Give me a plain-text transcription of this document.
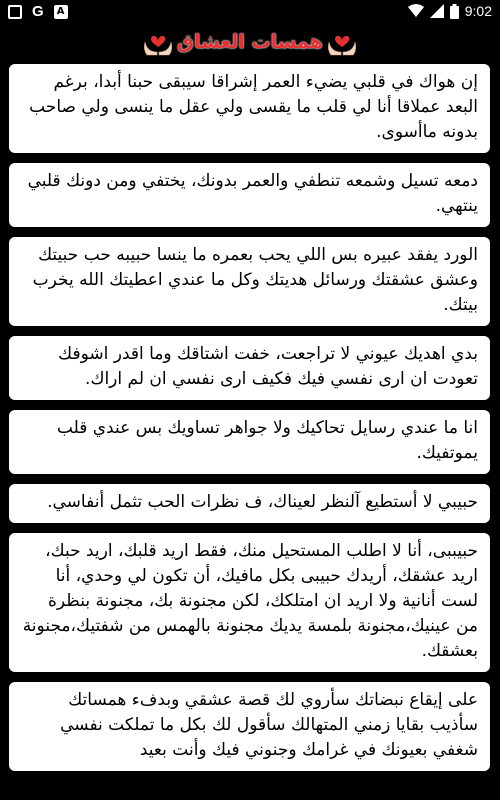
G	A	9:02
همسات العشاق

إن هواك في قلبي يضيء العمر إشراقا سيبقى حبنا أبدا، برغم البعد عملاقا أنا لي قلب ما يقسى ولي عقل ما ينسى ولي صاحب بدونه ماأسوى.

دمعه تسيل وشمعه تنطفي والعمر بدونك، يختفي ومن دونك قلبي ينتهي.

الورد يفقد عبيره بس اللي يحب بعمره ما ينسا حبيبه حب حبيتك وعشق عشقتك ورسائل هديتك وكل ما عندي اعطيتك الله يخرب بيتك.

بدي اهديك عيوني لا تراجعت، خفت اشتاقك وما اقدر اشوفك تعودت ان ارى نفسي فيك فكيف ارى نفسي ان لم اراك.

انا ما عندي رسايل تحاكيك ولا جواهر تساويك بس عندي قلب يموتفيك.

حبيبي لا أستطيع آلنظر لعيناك، ف نظرات الحب تثمل أنفاسي.

حبيببى، أنا لا اطلب المستحيل منك، فقط اريد قلبك، اريد حبك، اريد عشقك، أريدك حبيبى بكل مافيك، أن تكون لي وحدي، أنا لست أنانية ولا اريد ان امتلكك، لكن مجنونة بك، مجنونة بنظرة من عينيك،مجنونة بلمسة يديك مجنونة بالهمس من شفتيك،مجنونة بعشقك.

على إيقاع نبضاتك سأروي لك قصة عشقي وبدفء همساتك سأذيب بقايا زمني المتهالك سأقول لك بكل ما تملكت نفسي شغفي بعيونك في غرامك وجنوني فيك وأنت بعيد
